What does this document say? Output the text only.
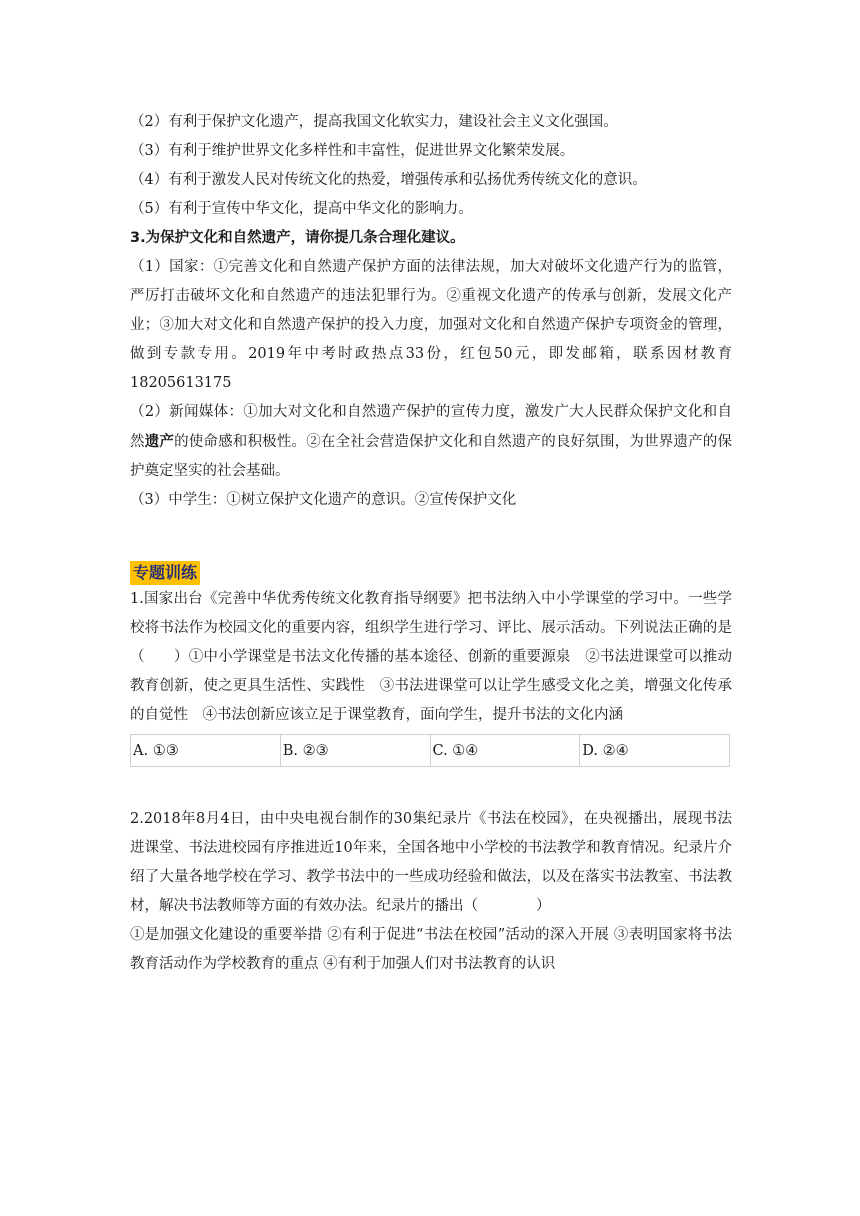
（2）有利于保护文化遗产，提高我国文化软实力，建设社会主义文化强国。

（3）有利于维护世界文化多样性和丰富性，促进世界文化繁荣发展。

（4）有利于激发人民对传统文化的热爱，增强传承和弘扬优秀传统文化的意识。

（5）有利于宣传中华文化，提高中华文化的影响力。

3.为保护文化和自然遗产，请你提几条合理化建议。

（1）国家：①完善文化和自然遗产保护方面的法律法规，加大对破坏文化遗产行为的监管，严厉打击破坏文化和自然遗产的违法犯罪行为。②重视文化遗产的传承与创新，发展文化产业；③加大对文化和自然遗产保护的投入力度，加强对文化和自然遗产保护专项资金的管理，做到专款专用。2019年中考时政热点33份，红包50元，即发邮箱，联系因材教育18205613175

（2）新闻媒体：①加大对文化和自然遗产保护的宣传力度，激发广大人民群众保护文化和自然遗产的使命感和积极性。②在全社会营造保护文化和自然遗产的良好氛围，为世界遗产的保护奠定坚实的社会基础。

（3）中学生：①树立保护文化遗产的意识。②宣传保护文化

专题训练

1.国家出台《完善中华优秀传统文化教育指导纲要》把书法纳入中小学课堂的学习中。一些学校将书法作为校园文化的重要内容，组织学生进行学习、评比、展示活动。下列说法正确的是（　　）①中小学课堂是书法文化传播的基本途径、创新的重要源泉　②书法进课堂可以推动教育创新，使之更具生活性、实践性　③书法进课堂可以让学生感受文化之美，增强文化传承的自觉性　④书法创新应该立足于课堂教育，面向学生，提升书法的文化内涵

A. ①③	B. ②③	C. ①④	D. ②④

2.2018年8月4日，由中央电视台制作的30集纪录片《书法在校园》，在央视播出，展现书法进课堂、书法进校园有序推进近10年来，全国各地中小学校的书法教学和教育情况。纪录片介绍了大量各地学校在学习、教学书法中的一些成功经验和做法，以及在落实书法教室、书法教材，解决书法教师等方面的有效办法。纪录片的播出（　　　　）

①是加强文化建设的重要举措 ②有利于促进“书法在校园”活动的深入开展 ③表明国家将书法教育活动作为学校教育的重点 ④有利于加强人们对书法教育的认识
